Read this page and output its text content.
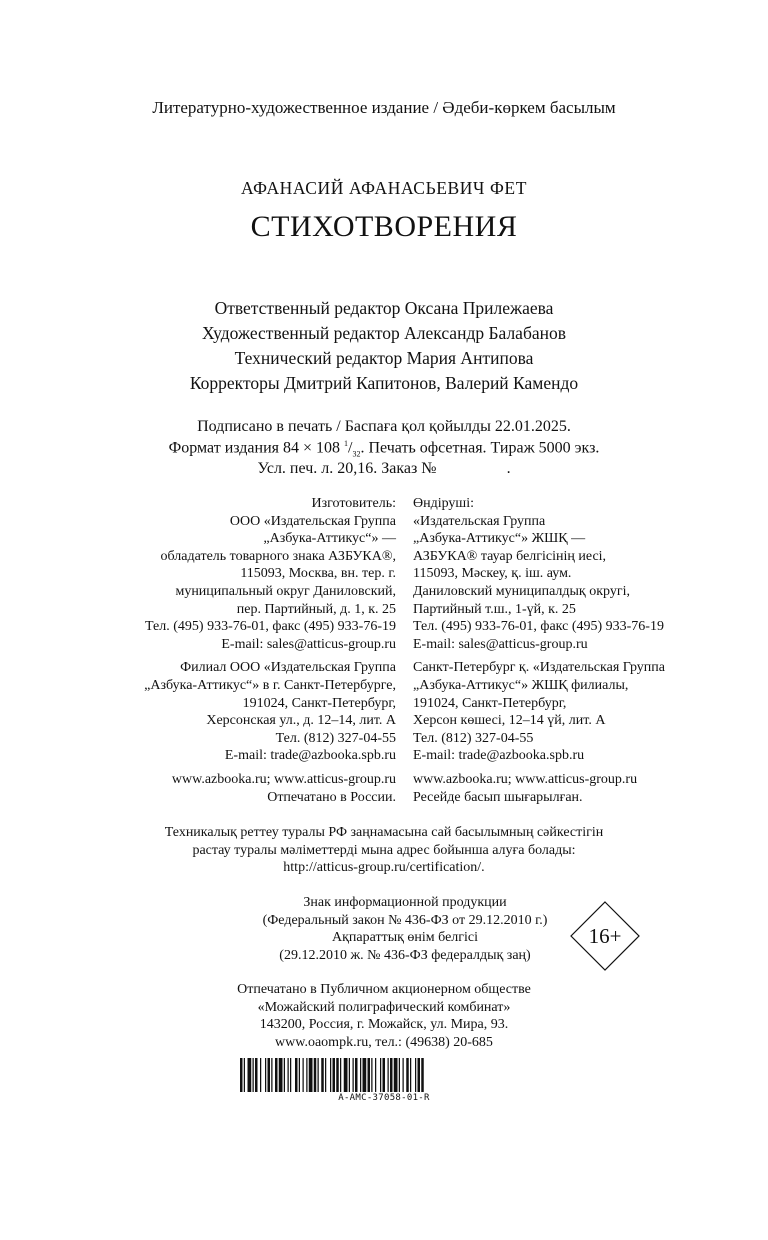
Литературно-художественное издание / Әдеби-көркем басылым
АФАНАСИЙ АФАНАСЬЕВИЧ ФЕТ
СТИХОТВОРЕНИЯ
Ответственный редактор Оксана Прилежаева
Художественный редактор Александр Балабанов
Технический редактор Мария Антипова
Корректоры Дмитрий Капитонов, Валерий Камендо
Подписано в печать / Баспаға қол қойылды 22.01.2025.
Формат издания 84 × 108 $^1/_{32}$. Печать офсетная. Тираж 5000 экз.
Усл. печ. л. 20,16. Заказ №	.
Изготовитель:
ООО «Издательская Группа
„Азбука-Аттикус“» —
обладатель товарного знака АЗБУКА®,
115093, Москва, вн. тер. г.
муниципальный округ Даниловский,
пер. Партийный, д. 1, к. 25
Тел. (495) 933-76-01, факс (495) 933-76-19
E-mail: sales@atticus-group.ru
Филиал ООО «Издательская Группа
„Азбука-Аттикус“» в г. Санкт-Петербурге,
191024, Санкт-Петербург,
Херсонская ул., д. 12–14, лит. А
Тел. (812) 327-04-55
E-mail: trade@azbooka.spb.ru
www.azbooka.ru; www.atticus-group.ru
Отпечатано в России.
Өндіруші:
«Издательская Группа
„Азбука-Аттикус“» ЖШҚ —
АЗБУКА® тауар белгісінің иесі,
115093, Мәскеу, қ. іш. аум.
Даниловский муниципалдық округі,
Партийный т.ш., 1-үй, к. 25
Тел. (495) 933-76-01, факс (495) 933-76-19
E-mail: sales@atticus-group.ru
Санкт-Петербург қ. «Издательская Группа
„Азбука-Аттикус“» ЖШҚ филиалы,
191024, Санкт-Петербург,
Херсон көшесі, 12–14 үй, лит. А
Тел. (812) 327-04-55
E-mail: trade@azbooka.spb.ru
www.azbooka.ru; www.atticus-group.ru
Ресейде басып шығарылған.
Техникалық реттеу туралы РФ заңнамасына сай басылымның сәйкестігін
растау туралы мәліметтерді мына адрес бойынша алуға болады:
http://atticus-group.ru/certification/.
Знак информационной продукции
(Федеральный закон № 436-ФЗ от 29.12.2010 г.)
Ақпараттық өнім белгісі
(29.12.2010 ж. № 436-ФЗ федералдық заң)
16+
Отпечатано в Публичном акционерном обществе
«Можайский полиграфический комбинат»
143200, Россия, г. Можайск, ул. Мира, 93.
www.oaompk.ru, тел.: (49638) 20-685
A-AMC-37058-01-R
